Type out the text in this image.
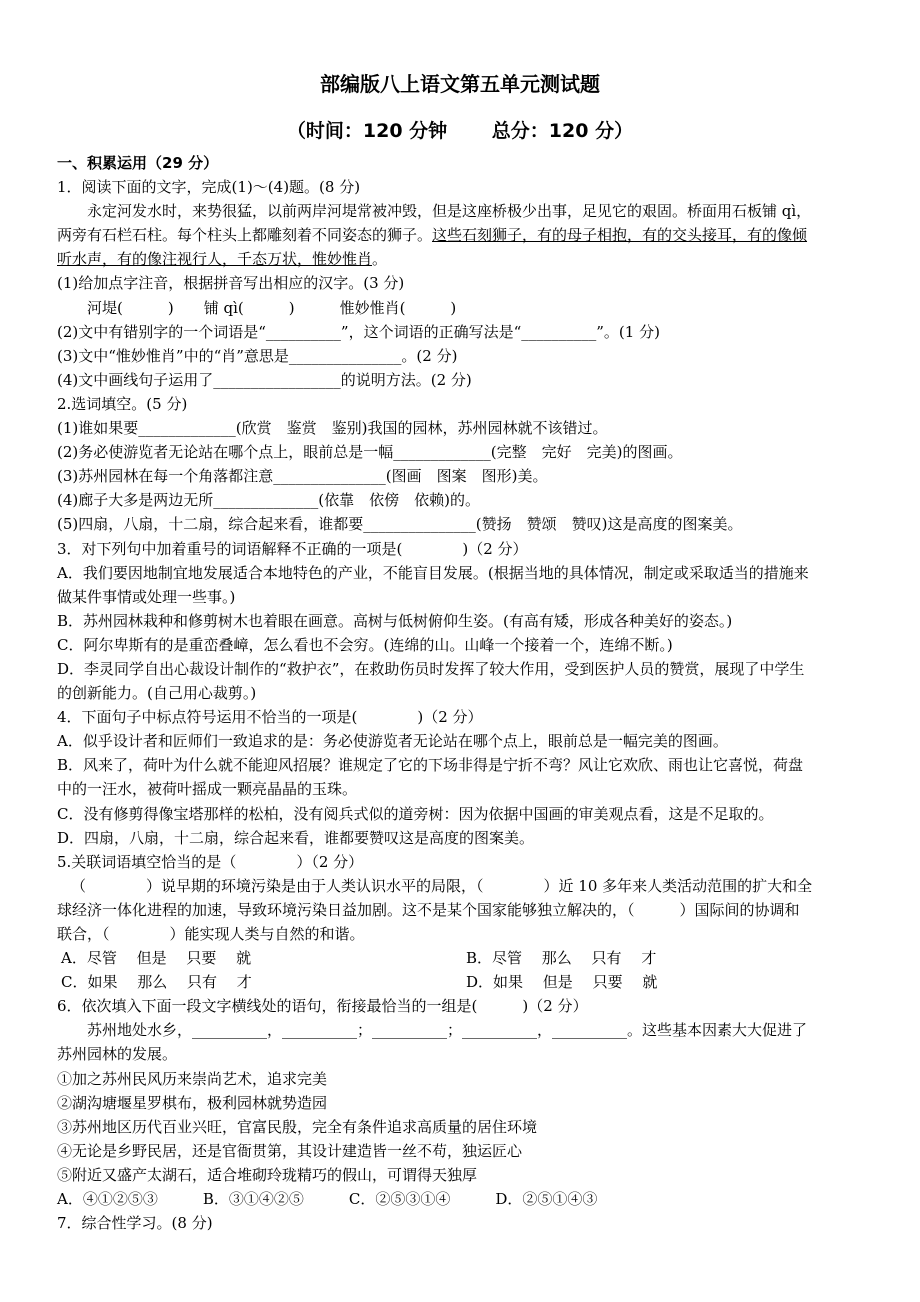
部编版八上语文第五单元测试题
（时间：120 分钟　　 总分：120 分）
一、积累运用（29 分）
1．阅读下面的文字，完成(1)～(4)题。(8 分)
永定河发水时，来势很猛，以前两岸河堤常被冲毁，但是这座桥极少出事，足见它的艰固。桥面用石板铺 qì，
两旁有石栏石柱。每个柱头上都雕刻着不同姿态的狮子。这些石刻狮子，有的母子相抱，有的交头接耳，有的像倾
听水声，有的像注视行人，千态万状，惟妙惟肖。
(1)给加点字注音，根据拼音写出相应的汉字。(3 分)
河堤(　　　)　　铺 qì(　　　)　　　惟妙惟肖(　　　)
(2)文中有错别字的一个词语是“__________”，这个词语的正确写法是“__________”。(1 分)
(3)文中“惟妙惟肖”中的“肖”意思是_______________。(2 分)
(4)文中画线句子运用了_________________的说明方法。(2 分)
2.选词填空。(5 分)
(1)谁如果要_____________(欣赏　鉴赏　鉴别)我国的园林，苏州园林就不该错过。
(2)务必使游览者无论站在哪个点上，眼前总是一幅_____________(完整　完好　完美)的图画。
(3)苏州园林在每一个角落都注意_______________(图画　图案　图形)美。
(4)廊子大多是两边无所______________(依靠　依傍　依赖)的。
(5)四扇，八扇，十二扇，综合起来看，谁都要_______________(赞扬　赞颂　赞叹)这是高度的图案美。
3．对下列句中加着重号的词语解释不正确的一项是(　　　　)（2 分）
A．我们要因地制宜地发展适合本地特色的产业，不能盲目发展。(根据当地的具体情况，制定或采取适当的措施来
做某件事情或处理一些事。)
B．苏州园林栽种和修剪树木也着眼在画意。高树与低树俯仰生姿。(有高有矮，形成各种美好的姿态。)
C．阿尔卑斯有的是重峦叠嶂，怎么看也不会穷。(连绵的山。山峰一个接着一个，连绵不断。)
D．李灵同学自出心裁设计制作的“救护衣”，在救助伤员时发挥了较大作用，受到医护人员的赞赏，展现了中学生
的创新能力。(自己用心裁剪。)
4．下面句子中标点符号运用不恰当的一项是(　　　　)（2 分）
A．似乎设计者和匠师们一致追求的是：务必使游览者无论站在哪个点上，眼前总是一幅完美的图画。
B．风来了，荷叶为什么就不能迎风招展？谁规定了它的下场非得是宁折不弯？风让它欢欣、雨也让它喜悦，荷盘
中的一汪水，被荷叶摇成一颗亮晶晶的玉珠。
C．没有修剪得像宝塔那样的松柏，没有阅兵式似的道旁树：因为依据中国画的审美观点看，这是不足取的。
D．四扇，八扇，十二扇，综合起来看，谁都要赞叹这是高度的图案美。
5.关联词语填空恰当的是（　　　　）（2 分）
（　　　　）说早期的环境污染是由于人类认识水平的局限，（　　　　）近 10 多年来人类活动范围的扩大和全
球经济一体化进程的加速，导致环境污染日益加剧。这不是某个国家能够独立解决的，（　　　）国际间的协调和
联合，（　　　　）能实现人类与自然的和谐。
A．尽管　 但是　 只要　 就	B．尽管　 那么　 只有　 才
C．如果　 那么　 只有　 才	D．如果　 但是　 只要　 就
6．依次填入下面一段文字横线处的语句，衔接最恰当的一组是(　　　)（2 分）
苏州地处水乡，__________，__________；__________；__________，__________。这些基本因素大大促进了
苏州园林的发展。
①加之苏州民风历来崇尚艺术，追求完美
②湖沟塘堰星罗棋布，极利园林就势造园
③苏州地区历代百业兴旺，官富民殷，完全有条件追求高质量的居住环境
④无论是乡野民居，还是官衙贯第，其设计建造皆一丝不苟，独运匠心
⑤附近又盛产太湖石，适合堆砌玲珑精巧的假山，可谓得天独厚
A．④①②⑤③　　　B．③①④②⑤　　　C．②⑤③①④　　　D．②⑤①④③
7．综合性学习。(8 分)
